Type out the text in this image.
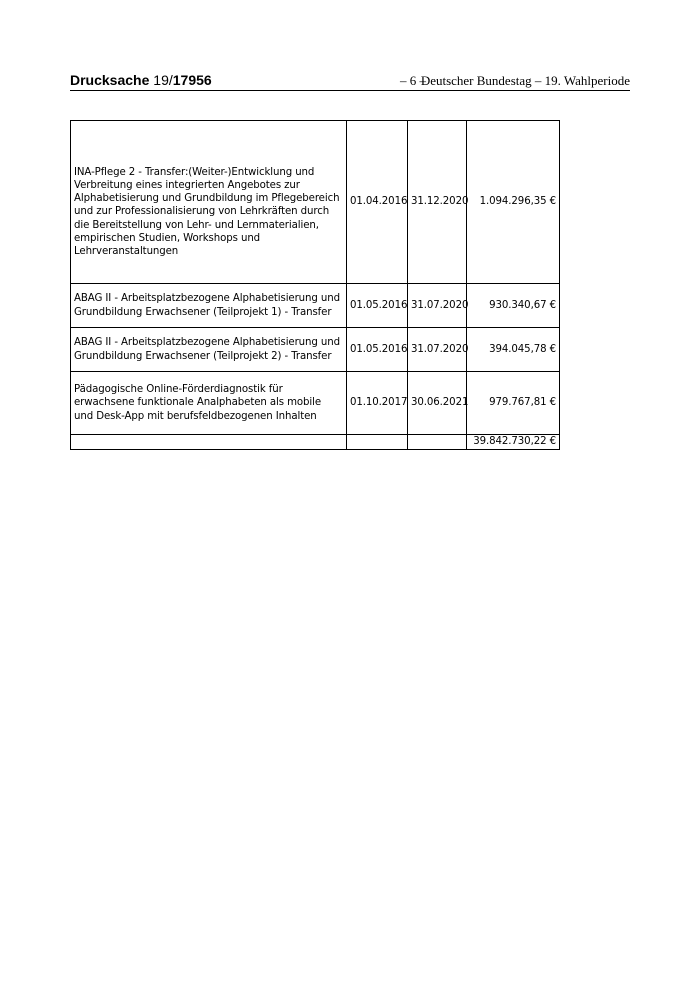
Drucksache 19/17956	– 6 –
Deutscher Bundestag – 19. Wahlperiode
INA-Pflege 2 - Transfer:(Weiter-)Entwicklung und Verbreitung eines integrierten Angebotes zur Alphabetisierung und Grundbildung im Pflegebereich und zur Professionalisierung von Lehrkräften durch die Bereitstellung von Lehr- und Lernmaterialien, empirischen Studien, Workshops und Lehrveranstaltungen	01.04.2016	31.12.2020	1.094.296,35 €
ABAG II - Arbeitsplatzbezogene Alphabetisierung und Grundbildung Erwachsener (Teilprojekt 1) - Transfer	01.05.2016	31.07.2020	930.340,67 €
ABAG II - Arbeitsplatzbezogene Alphabetisierung und Grundbildung Erwachsener (Teilprojekt 2) - Transfer	01.05.2016	31.07.2020	394.045,78 €
Pädagogische Online-Förderdiagnostik für erwachsene funktionale Analphabeten als mobile und Desk-App mit berufsfeldbezogenen Inhalten	01.10.2017	30.06.2021	979.767,81 €
			39.842.730,22 €
